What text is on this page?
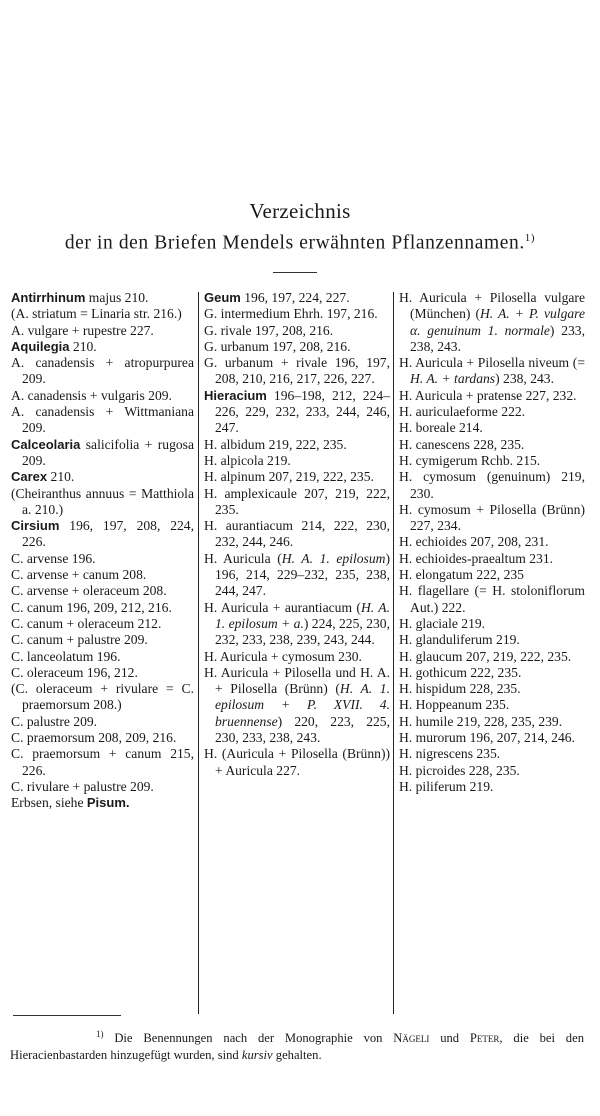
Verzeichnis
der in den Briefen Mendels erwähnten Pflanzennamen.$^{1)}$

Antirrhinum majus 210.

(A. striatum = Linaria str. 216.)

A. vulgare + rupestre 227.

Aquilegia 210.

A. canadensis + atropurpurea 209.

A. canadensis + vulgaris 209.

A. canadensis + Wittmaniana 209.

Calceolaria salicifolia + rugosa 209.

Carex 210.

(Cheiranthus annuus = Matthiola a. 210.)

Cirsium 196, 197, 208, 224, 226.

C. arvense 196.

C. arvense + canum 208.

C. arvense + oleraceum 208.

C. canum 196, 209, 212, 216.

C. canum + oleraceum 212.

C. canum + palustre 209.

C. lanceolatum 196.

C. oleraceum 196, 212.

(C. oleraceum + rivulare = C. praemorsum 208.)

C. palustre 209.

C. praemorsum 208, 209, 216.

C. praemorsum + canum 215, 226.

C. rivulare + palustre 209.

Erbsen, siehe Pisum.

Geum 196, 197, 224, 227.

G. intermedium Ehrh. 197, 216.

G. rivale 197, 208, 216.

G. urbanum 197, 208, 216.

G. urbanum + rivale 196, 197, 208, 210, 216, 217, 226, 227.

Hieracium 196–198, 212, 224–226, 229, 232, 233, 244, 246, 247.

H. albidum 219, 222, 235.

H. alpicola 219.

H. alpinum 207, 219, 222, 235.

H. amplexicaule 207, 219, 222, 235.

H. aurantiacum 214, 222, 230, 232, 244, 246.

H. Auricula (H. A. 1. epilosum) 196, 214, 229–232, 235, 238, 244, 247.

H. Auricula + aurantiacum (H. A. 1. epilosum + a.) 224, 225, 230, 232, 233, 238, 239, 243, 244.

H. Auricula + cymosum 230.

H. Auricula + Pilosella und H. A. + Pilosella (Brünn) (H. A. 1. epilosum + P. XVII. 4. bruennense) 220, 223, 225, 230, 233, 238, 243.

H. (Auricula + Pilosella (Brünn)) + Auricula 227.

H. Auricula + Pilosella vulgare (München) (H. A. + P. vulgare α. genuinum 1. normale) 233, 238, 243.

H. Auricula + Pilosella niveum (= H. A. + tardans) 238, 243.

H. Auricula + pratense 227, 232.

H. auriculaeforme 222.

H. boreale 214.

H. canescens 228, 235.

H. cymigerum Rchb. 215.

H. cymosum (genuinum) 219, 230.

H. cymosum + Pilosella (Brünn) 227, 234.

H. echioides 207, 208, 231.

H. echioides-praealtum 231.

H. elongatum 222, 235

H. flagellare (= H. stoloniflorum Aut.) 222.

H. glaciale 219.

H. glanduliferum 219.

H. glaucum 207, 219, 222, 235.

H. gothicum 222, 235.

H. hispidum 228, 235.

H. Hoppeanum 235.

H. humile 219, 228, 235, 239.

H. murorum 196, 207, 214, 246.

H. nigrescens 235.

H. picroides 228, 235.

H. piliferum 219.

$^{1)}$ Die Benennungen nach der Monographie von Nägeli und Peter, die bei den Hieracienbastarden hinzugefügt wurden, sind kursiv gehalten.
